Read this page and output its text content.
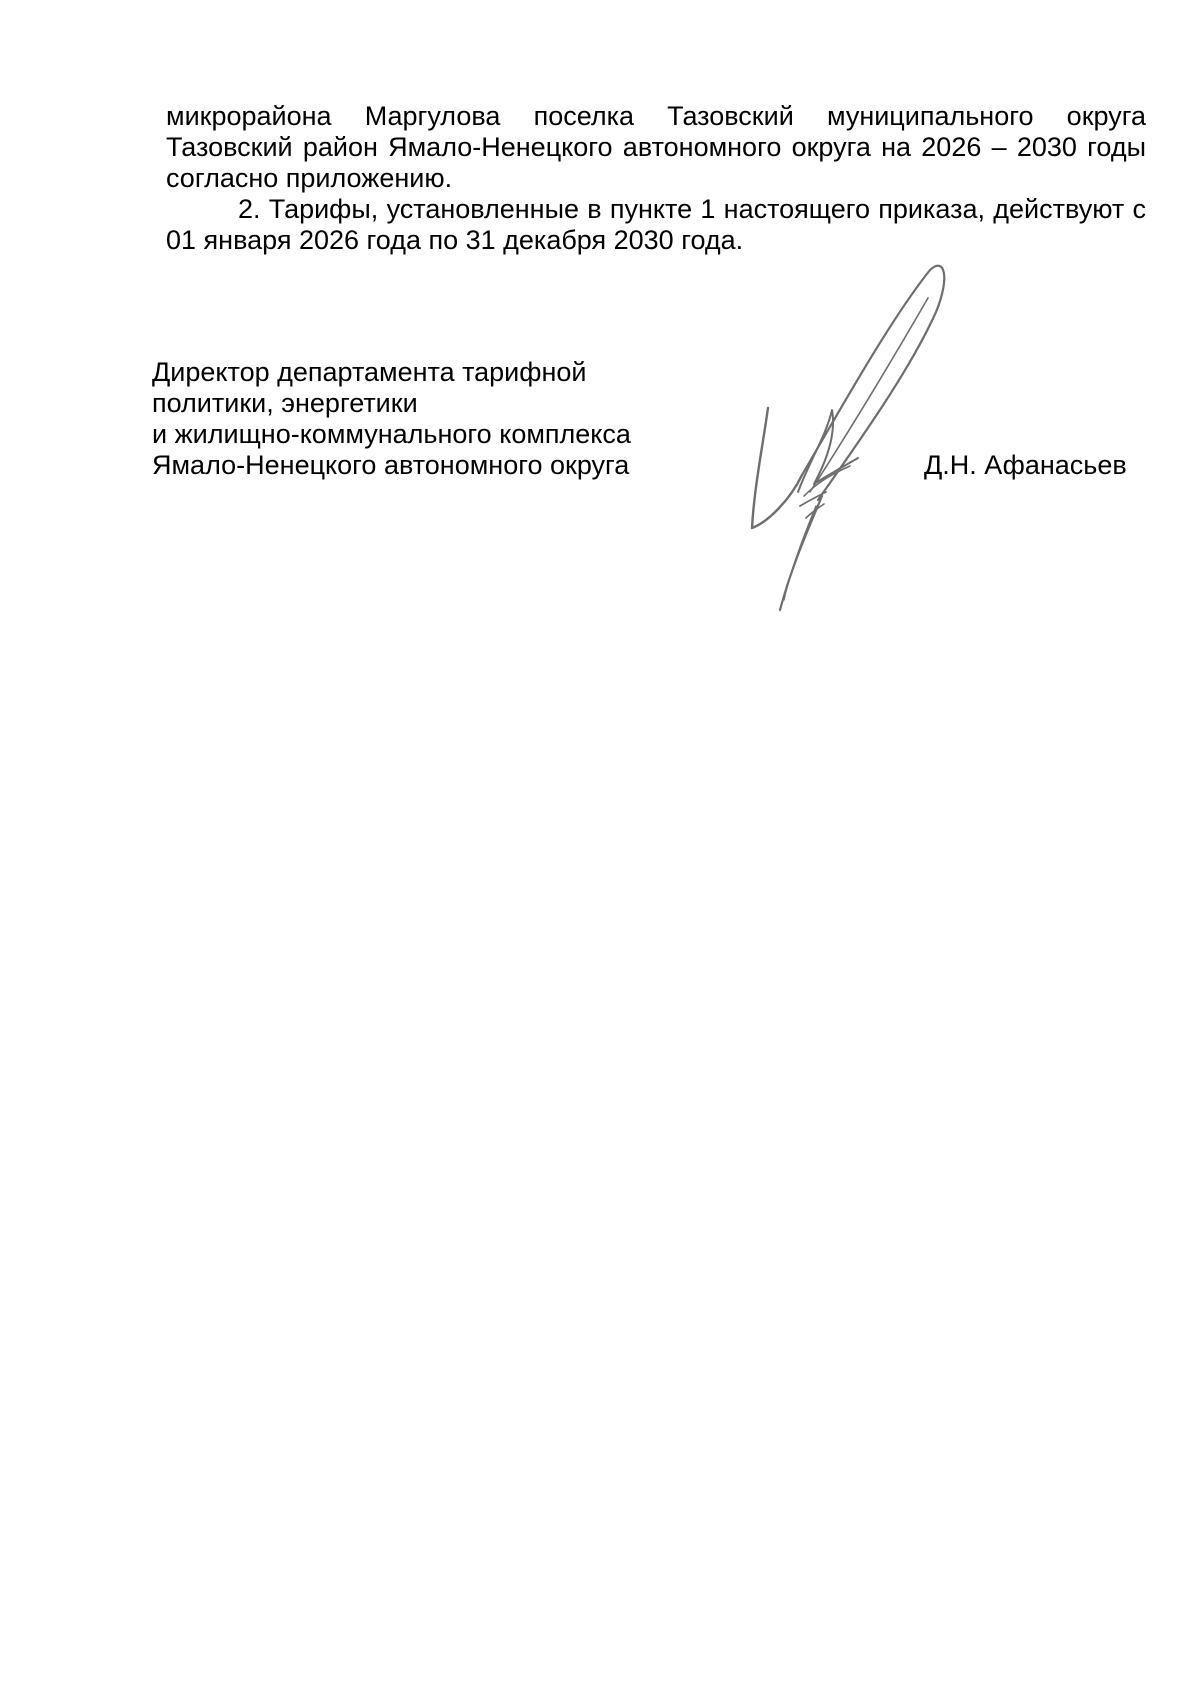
микрорайона Маргулова поселка Тазовский муниципального округа Тазовский район Ямало-Ненецкого автономного округа на 2026 – 2030 годы согласно приложению.

2. Тарифы, установленные в пункте 1 настоящего приказа, действуют с 01 января 2026 года по 31 декабря 2030 года.

Директор департамента тарифной
политики, энергетики
и жилищно-коммунального комплекса
Ямало-Ненецкого автономного округа	Д.Н. Афанасьев
